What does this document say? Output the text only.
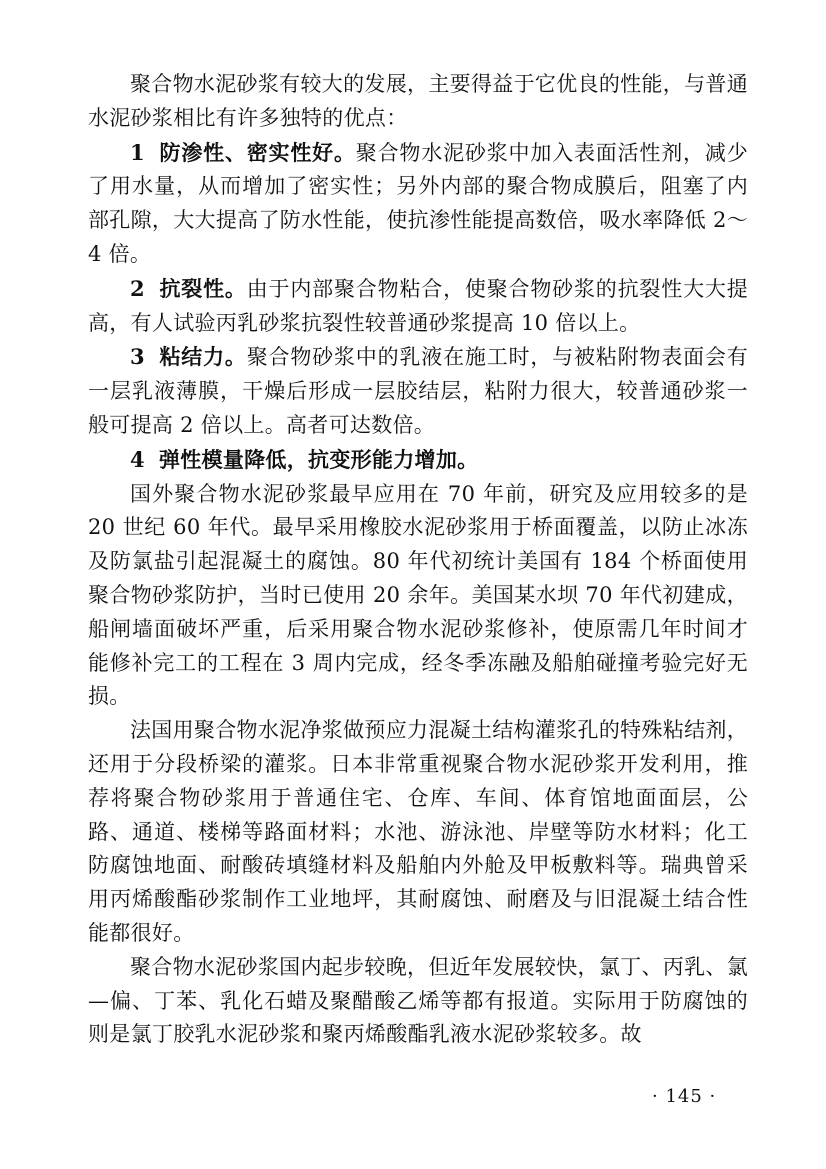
聚合物水泥砂浆有较大的发展，主要得益于它优良的性能，与普通水泥砂浆相比有许多独特的优点：

1 防渗性、密实性好。聚合物水泥砂浆中加入表面活性剂，减少了用水量，从而增加了密实性；另外内部的聚合物成膜后，阻塞了内部孔隙，大大提高了防水性能，使抗渗性能提高数倍，吸水率降低 2～4 倍。

2 抗裂性。由于内部聚合物粘合，使聚合物砂浆的抗裂性大大提高，有人试验丙乳砂浆抗裂性较普通砂浆提高 10 倍以上。

3 粘结力。聚合物砂浆中的乳液在施工时，与被粘附物表面会有一层乳液薄膜，干燥后形成一层胶结层，粘附力很大，较普通砂浆一般可提高 2 倍以上。高者可达数倍。

4 弹性模量降低，抗变形能力增加。

国外聚合物水泥砂浆最早应用在 70 年前，研究及应用较多的是 20 世纪 60 年代。最早采用橡胶水泥砂浆用于桥面覆盖，以防止冰冻及防氯盐引起混凝土的腐蚀。80 年代初统计美国有 184 个桥面使用聚合物砂浆防护，当时已使用 20 余年。美国某水坝 70 年代初建成，船闸墙面破坏严重，后采用聚合物水泥砂浆修补，使原需几年时间才能修补完工的工程在 3 周内完成，经冬季冻融及船舶碰撞考验完好无损。

法国用聚合物水泥净浆做预应力混凝土结构灌浆孔的特殊粘结剂，还用于分段桥梁的灌浆。日本非常重视聚合物水泥砂浆开发利用，推荐将聚合物砂浆用于普通住宅、仓库、车间、体育馆地面面层，公路、通道、楼梯等路面材料；水池、游泳池、岸壁等防水材料；化工防腐蚀地面、耐酸砖填缝材料及船舶内外舱及甲板敷料等。瑞典曾采用丙烯酸酯砂浆制作工业地坪，其耐腐蚀、耐磨及与旧混凝土结合性能都很好。

聚合物水泥砂浆国内起步较晚，但近年发展较快，氯丁、丙乳、氯—偏、丁苯、乳化石蜡及聚醋酸乙烯等都有报道。实际用于防腐蚀的则是氯丁胶乳水泥砂浆和聚丙烯酸酯乳液水泥砂浆较多。故

· 145 ·
